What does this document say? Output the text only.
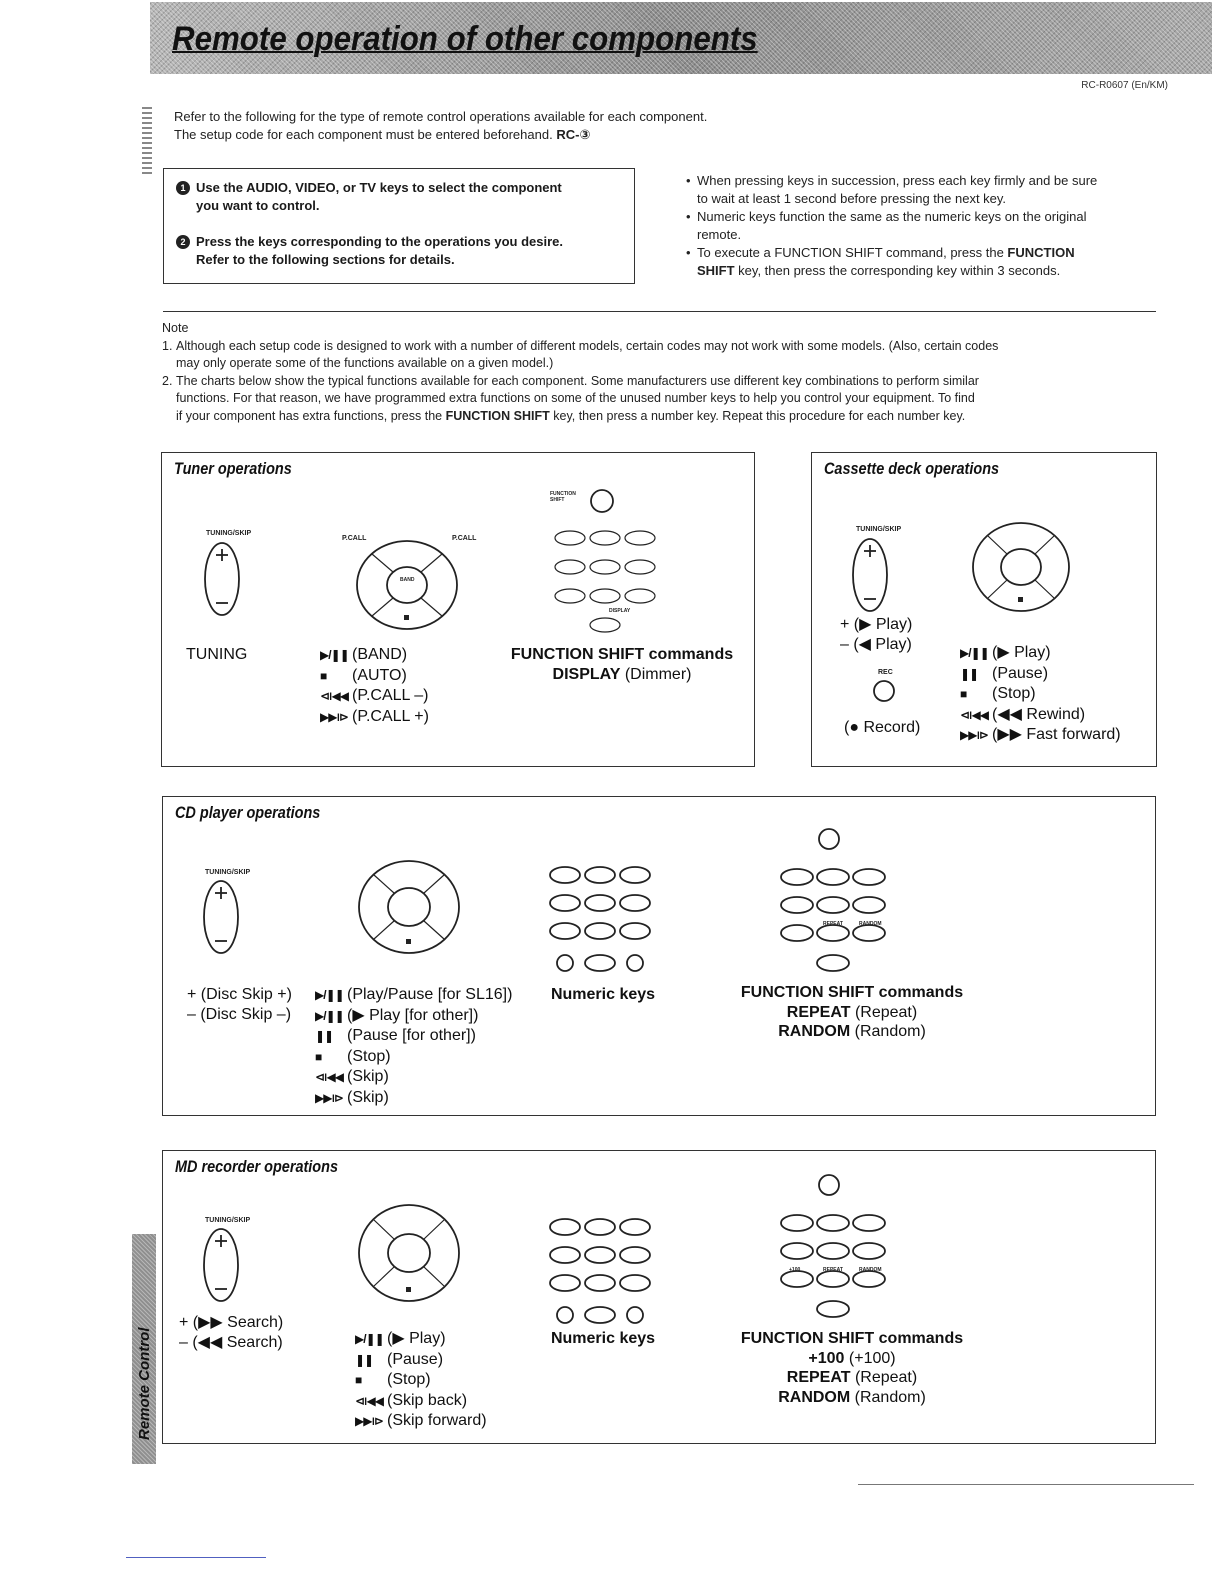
Remote operation of other components
RC-R0607 (En/KM)
Refer to the following for the type of remote control operations available for each component.
The setup code for each component must be entered beforehand. RC-③
1 Use the AUDIO, VIDEO, or TV keys to select the component
you want to control.
2 Press the keys corresponding to the operations you desire.
Refer to the following sections for details.
• When pressing keys in succession, press each key firmly and be sure
to wait at least 1 second before pressing the next key.
• Numeric keys function the same as the numeric keys on the original
remote.
• To execute a FUNCTION SHIFT command, press the FUNCTION
SHIFT key, then press the corresponding key within 3 seconds.
Note
1. Although each setup code is designed to work with a number of different models, certain codes may not work with some models. (Also, certain codes
may only operate some of the functions available on a given model.)
2. The charts below show the typical functions available for each component. Some manufacturers use different key combinations to perform similar
functions. For that reason, we have programmed extra functions on some of the unused number keys to help you control your equipment. To find
if your component has extra functions, press the FUNCTION SHIFT key, then press a number key. Repeat this procedure for each number key.
Tuner operations
TUNING/SKIP
P.CALL	P.CALL
BAND
FUNCTION
SHIFT
DISPLAY
TUNING	▶/❚❚ (BAND)
■ (AUTO)
⧏◀◀ (P.CALL –)
▶▶⧐ (P.CALL +)
FUNCTION SHIFT commands
DISPLAY (Dimmer)
Cassette deck operations
TUNING/SKIP
+ (▶ Play)
– (◀ Play)
REC
(● Record)
▶/❚❚ (▶ Play)
❚❚ (Pause)
■ (Stop)
⧏◀◀ (◀◀ Rewind)
▶▶⧐ (▶▶ Fast forward)
CD player operations
TUNING/SKIP
REPEAT	RANDOM
+ (Disc Skip +)
– (Disc Skip –)
▶/❚❚ (Play/Pause [for SL16])
▶/❚❚ (▶ Play [for other])
❚❚ (Pause [for other])
■ (Stop)
⧏◀◀ (Skip)
▶▶⧐ (Skip)
Numeric keys	FUNCTION SHIFT commands
REPEAT (Repeat)
RANDOM (Random)
MD recorder operations
TUNING/SKIP
+100	REPEAT	RANDOM
+ (▶▶ Search)
– (◀◀ Search)	▶/❚❚ (▶ Play)
❚❚ (Pause)
■ (Stop)
⧏◀◀ (Skip back)
▶▶⧐ (Skip forward)
Numeric keys	FUNCTION SHIFT commands
+100 (+100)
REPEAT (Repeat)
RANDOM (Random)
Remote Control
